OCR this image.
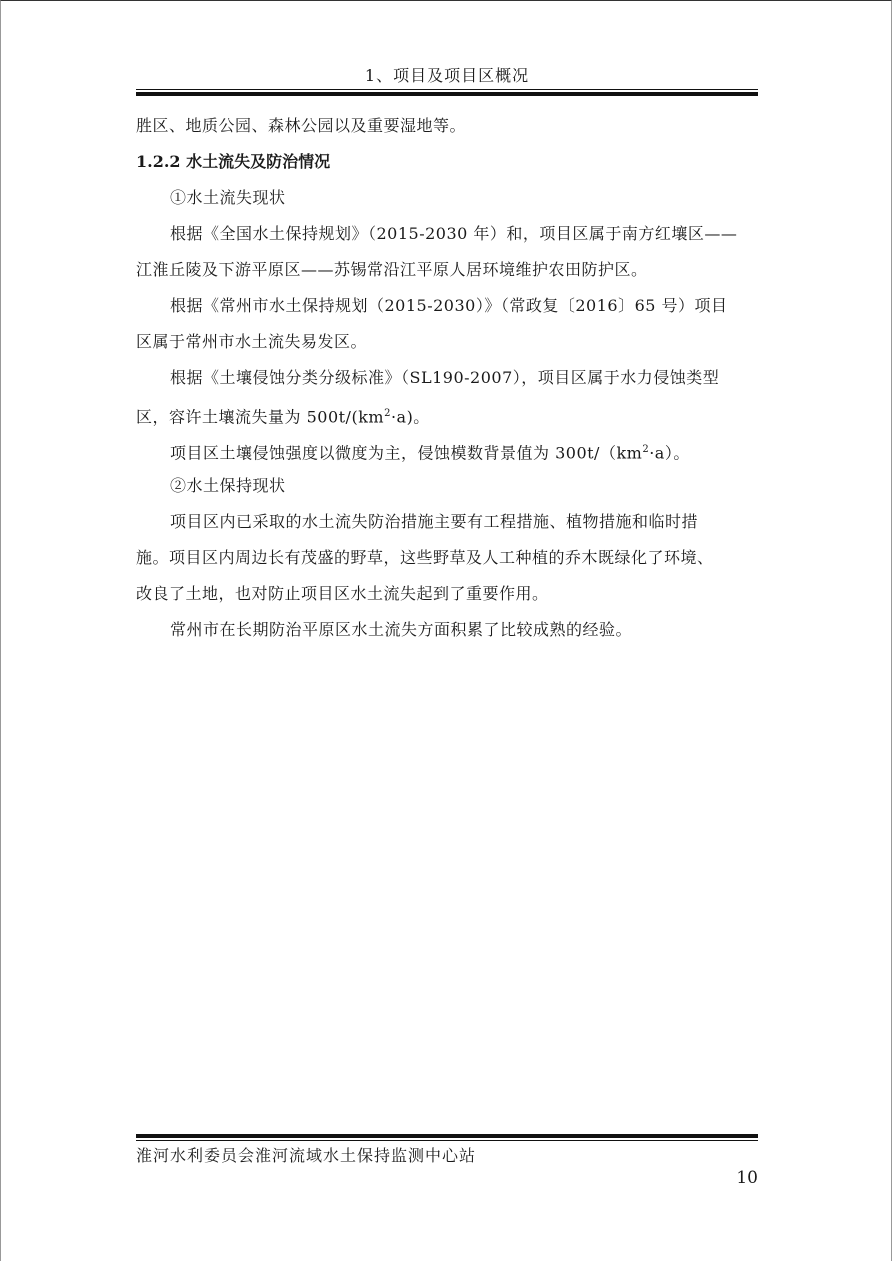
1、项目及项目区概况
胜区、地质公园、森林公园以及重要湿地等。
1.2.2 水土流失及防治情况
①水土流失现状
根据《全国水土保持规划》（2015-2030 年）和，项目区属于南方红壤区——
江淮丘陵及下游平原区——苏锡常沿江平原人居环境维护农田防护区。
根据《常州市水土保持规划（2015-2030）》（常政复〔2016〕65 号）项目
区属于常州市水土流失易发区。
根据《土壤侵蚀分类分级标准》（SL190-2007），项目区属于水力侵蚀类型
区，容许土壤流失量为 $500t/(km^2\cdot a)$。
项目区土壤侵蚀强度以微度为主，侵蚀模数背景值为 $300t/(km^2\cdot a)$。
②水土保持现状
项目区内已采取的水土流失防治措施主要有工程措施、植物措施和临时措
施。项目区内周边长有茂盛的野草，这些野草及人工种植的乔木既绿化了环境、
改良了土地，也对防止项目区水土流失起到了重要作用。
常州市在长期防治平原区水土流失方面积累了比较成熟的经验。
淮河水利委员会淮河流域水土保持监测中心站
10
